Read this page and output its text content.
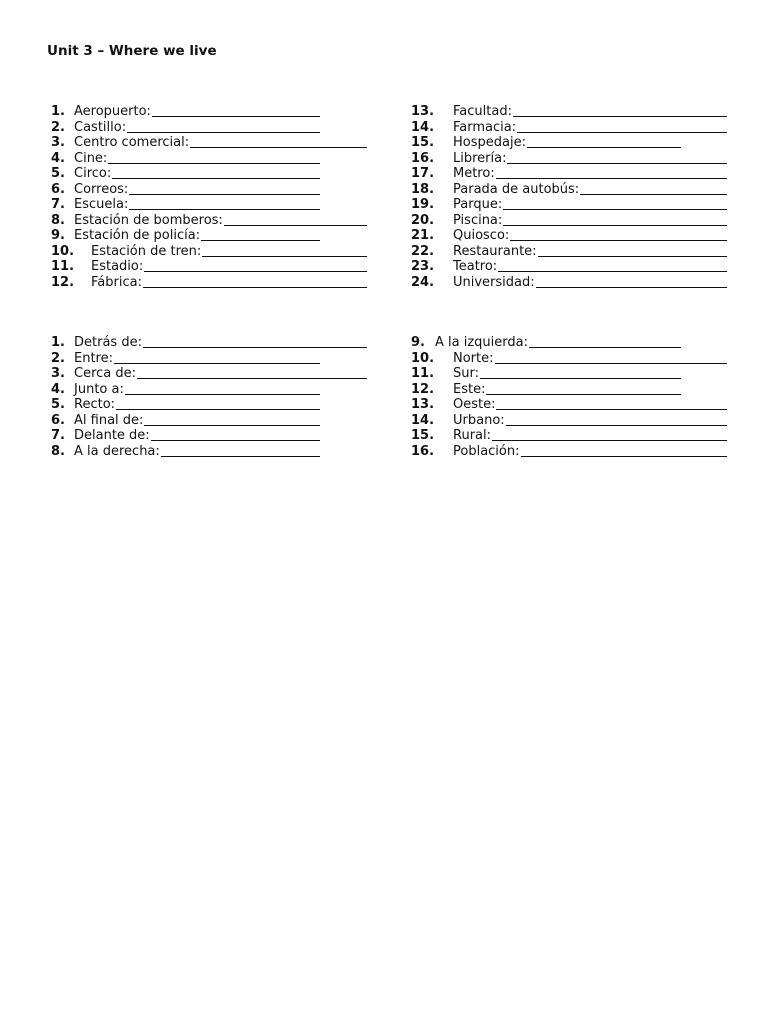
Unit 3 – Where we live
1. Aeropuerto:
2. Castillo:
3. Centro comercial:
4. Cine:
5. Circo:
6. Correos:
7. Escuela:
8. Estación de bomberos:
9. Estación de policía:
10. Estación de tren:
11. Estadio:
12. Fábrica:
13. Facultad:
14. Farmacia:
15. Hospedaje:
16. Librería:
17. Metro:
18. Parada de autobús:
19. Parque:
20. Piscina:
21. Quiosco:
22. Restaurante:
23. Teatro:
24. Universidad:
1. Detrás de:
2. Entre:
3. Cerca de:
4. Junto a:
5. Recto:
6. Al final de:
7. Delante de:
8. A la derecha:
9. A la izquierda:
10. Norte:
11. Sur:
12. Este:
13. Oeste:
14. Urbano:
15. Rural:
16. Población:
